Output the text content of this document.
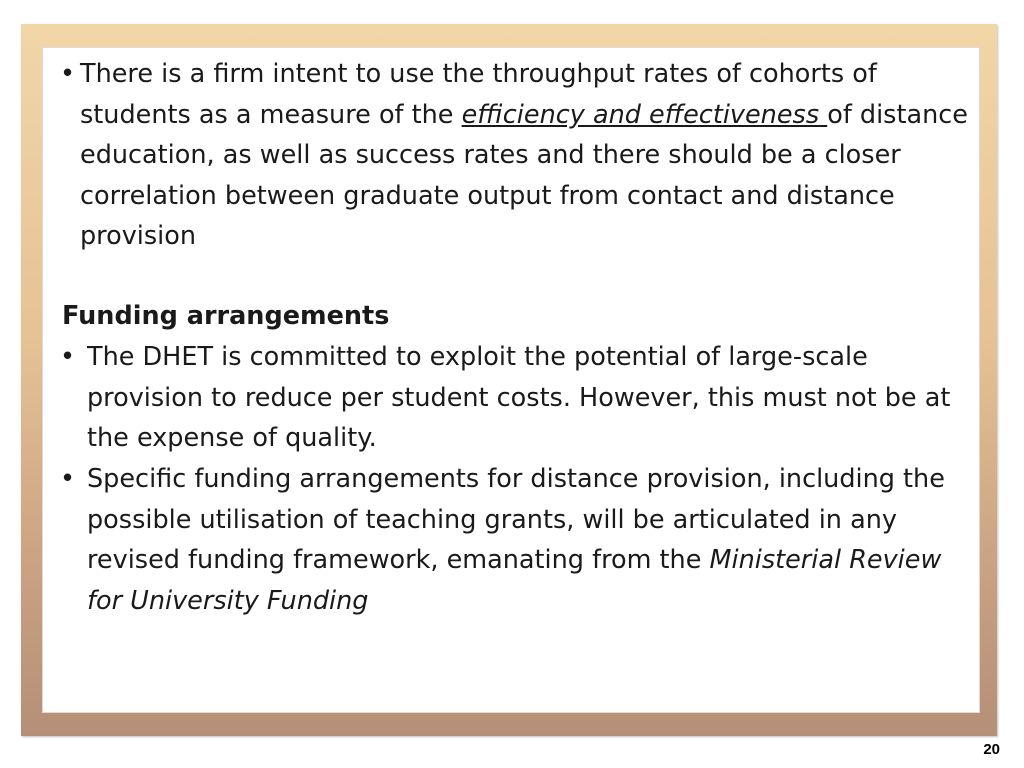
• There is a firm intent to use the throughput rates of cohorts of students as a measure of the efficiency and effectiveness of distance education, as well as success rates and there should be a closer correlation between graduate output from contact and distance provision
Funding arrangements
• The DHET is committed to exploit the potential of large-scale provision to reduce per student costs. However, this must not be at the expense of quality.
• Specific funding arrangements for distance provision, including the possible utilisation of teaching grants, will be articulated in any revised funding framework, emanating from the Ministerial Review for University Funding
20
